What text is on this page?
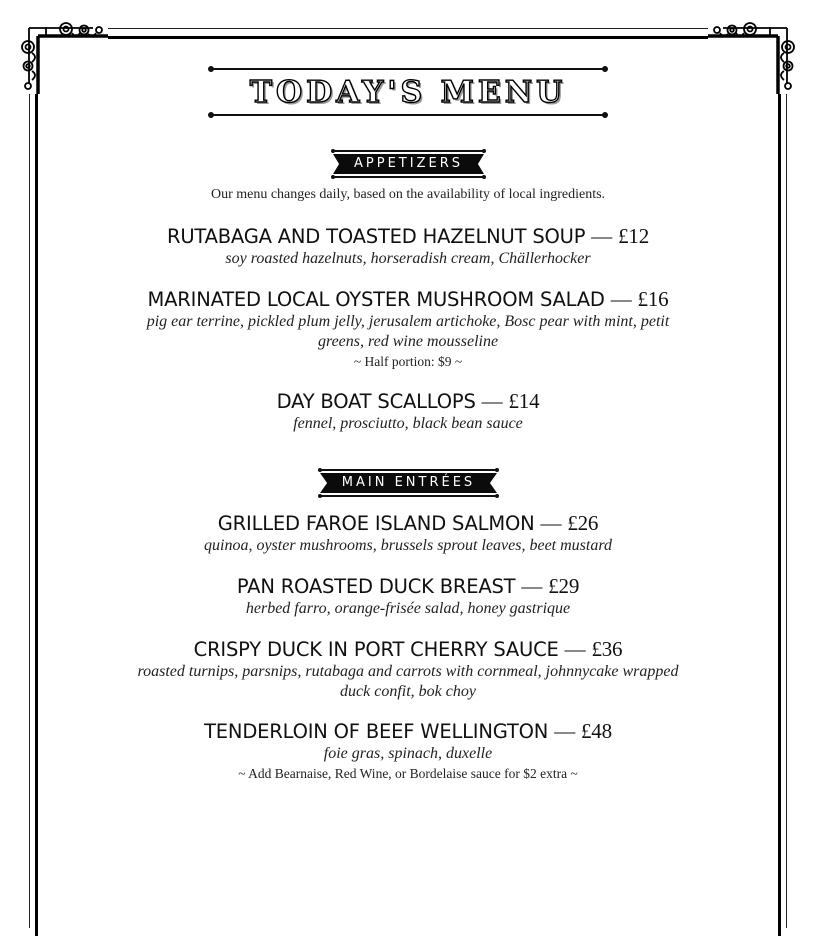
TODAY'S MENU
APPETIZERS
Our menu changes daily, based on the availability of local ingredients.
RUTABAGA AND TOASTED HAZELNUT SOUP — £12
soy roasted hazelnuts, horseradish cream, Chällerhocker
MARINATED LOCAL OYSTER MUSHROOM SALAD — £16
pig ear terrine, pickled plum jelly, jerusalem artichoke, Bosc pear with mint, petit
greens, red wine mousseline
~ Half portion: $9 ~
DAY BOAT SCALLOPS — £14
fennel, prosciutto, black bean sauce
MAIN ENTRÉES
GRILLED FAROE ISLAND SALMON — £26
quinoa, oyster mushrooms, brussels sprout leaves, beet mustard
PAN ROASTED DUCK BREAST — £29
herbed farro, orange-frisée salad, honey gastrique
CRISPY DUCK IN PORT CHERRY SAUCE — £36
roasted turnips, parsnips, rutabaga and carrots with cornmeal, johnnycake wrapped
duck confit, bok choy
TENDERLOIN OF BEEF WELLINGTON — £48
foie gras, spinach, duxelle
~ Add Bearnaise, Red Wine, or Bordelaise sauce for $2 extra ~
